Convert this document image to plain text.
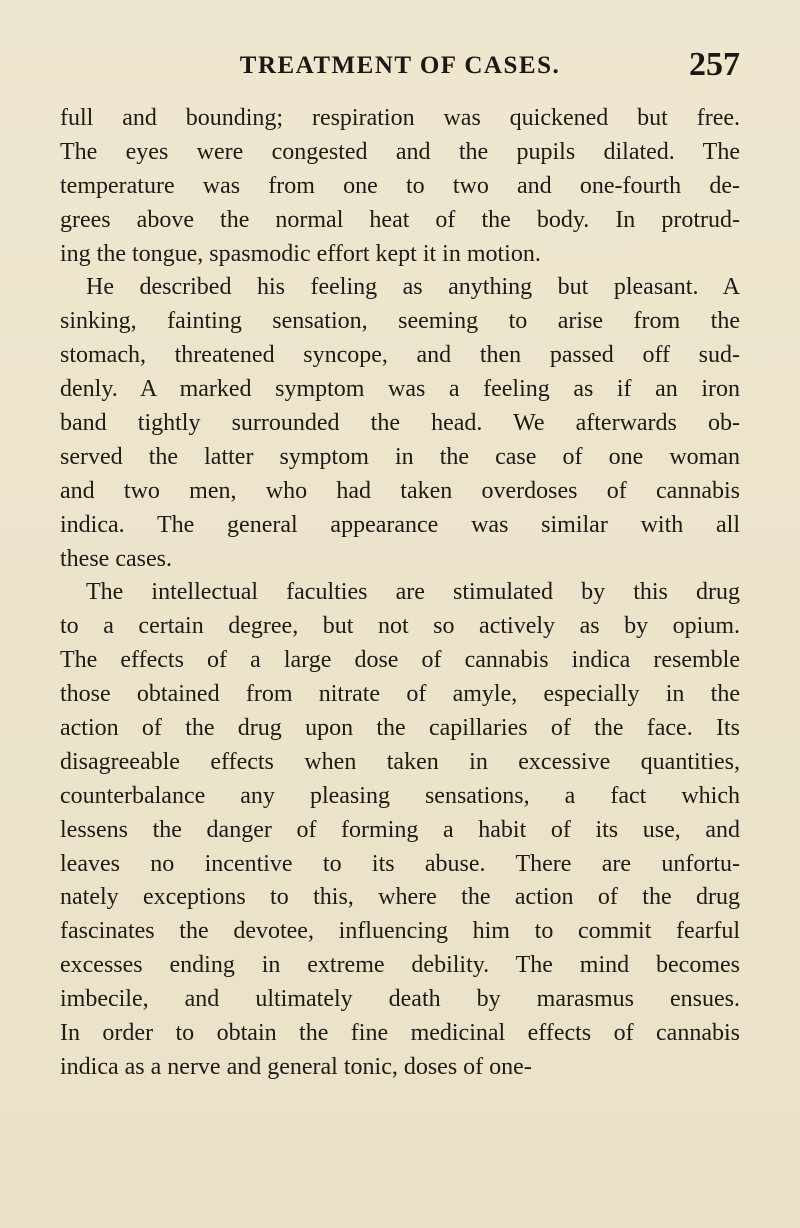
TREATMENT OF CASES.	257
full and bounding; respiration was quickened but free.
The eyes were congested and the pupils dilated. The
temperature was from one to two and one-fourth de-
grees above the normal heat of the body. In protrud-
ing the tongue, spasmodic effort kept it in motion.
He described his feeling as anything but pleasant. A
sinking, fainting sensation, seeming to arise from the
stomach, threatened syncope, and then passed off sud-
denly. A marked symptom was a feeling as if an iron
band tightly surrounded the head. We afterwards ob-
served the latter symptom in the case of one woman
and two men, who had taken overdoses of cannabis
indica. The general appearance was similar with all
these cases.
The intellectual faculties are stimulated by this drug
to a certain degree, but not so actively as by opium.
The effects of a large dose of cannabis indica resemble
those obtained from nitrate of amyle, especially in the
action of the drug upon the capillaries of the face. Its
disagreeable effects when taken in excessive quantities,
counterbalance any pleasing sensations, a fact which
lessens the danger of forming a habit of its use, and
leaves no incentive to its abuse. There are unfortu-
nately exceptions to this, where the action of the drug
fascinates the devotee, influencing him to commit fearful
excesses ending in extreme debility. The mind becomes
imbecile, and ultimately death by marasmus ensues.
In order to obtain the fine medicinal effects of cannabis
indica as a nerve and general tonic, doses of one-
